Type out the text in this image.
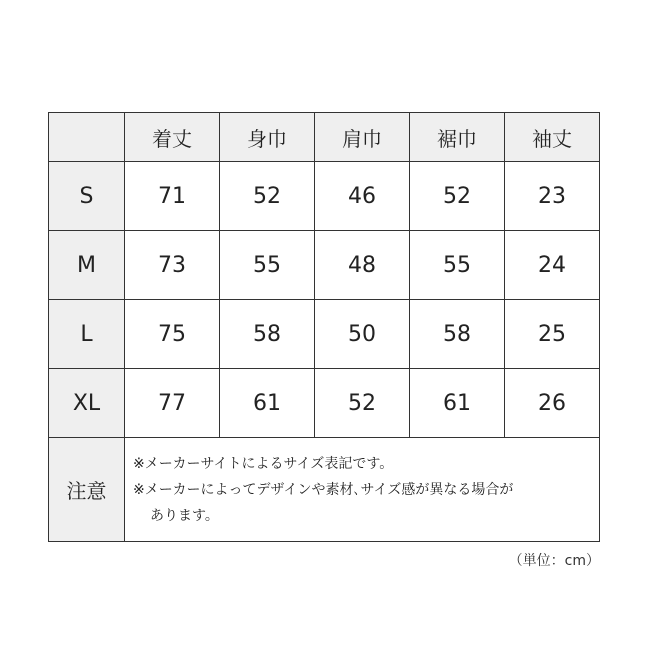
	着丈	身巾	肩巾	裾巾	袖丈
S	71	52	46	52	23
M	73	55	48	55	24
L	75	58	50	58	25
XL	77	61	52	61	26
注意	※メーカーサイトによるサイズ表記です。
※メーカーによってデザインや素材､サイズ感が異なる場合が
あります。				
（単位：cm）
